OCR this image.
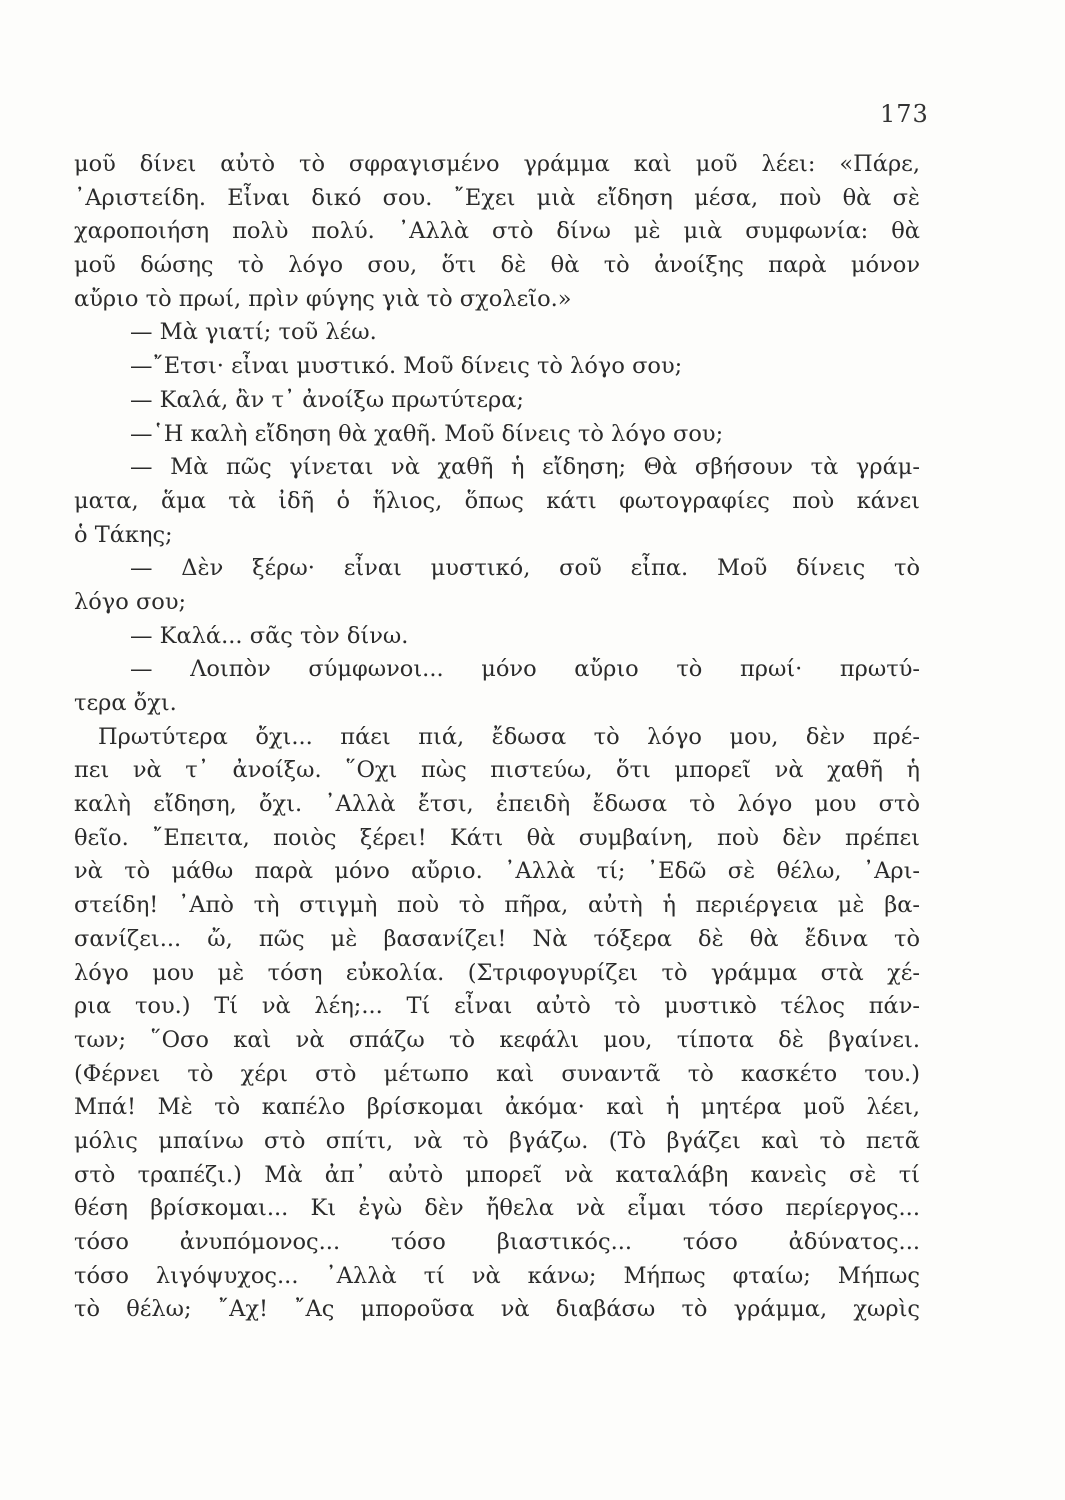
173
μοῦ δίνει αὐτὸ τὸ σφραγισμένο γράμμα καὶ μοῦ λέει: «Πάρε,
᾿Αριστείδη. Εἶναι δικό σου. ῎Εχει μιὰ εἴδηση μέσα, ποὺ θὰ σὲ
χαροποιήση πολὺ πολύ. ᾿Αλλὰ στὸ δίνω μὲ μιὰ συμφωνία: θὰ
μοῦ δώσης τὸ λόγο σου, ὅτι δὲ θὰ τὸ ἀνοίξης παρὰ μόνον
αὔριο τὸ πρωί, πρὶν φύγης γιὰ τὸ σχολεῖο.»
— Μὰ γιατί; τοῦ λέω.
—῎Ετσι· εἶναι μυστικό. Μοῦ δίνεις τὸ λόγο σου;
— Καλά, ἂν τ᾿ ἀνοίξω πρωτύτερα;
—῾Η καλὴ εἴδηση θὰ χαθῆ. Μοῦ δίνεις τὸ λόγο σου;
— Μὰ πῶς γίνεται νὰ χαθῆ ἡ εἴδηση; Θὰ σβήσουν τὰ γράμ-
ματα, ἅμα τὰ ἰδῆ ὁ ἥλιος, ὅπως κάτι φωτογραφίες ποὺ κάνει
ὁ Τάκης;
— Δὲν ξέρω· εἶναι μυστικό, σοῦ εἶπα. Μοῦ δίνεις τὸ
λόγο σου;
— Καλά... σᾶς τὸν δίνω.
— Λοιπὸν σύμφωνοι... μόνο αὔριο τὸ πρωί· πρωτύ-
τερα ὄχι.
Πρωτύτερα ὄχι... πάει πιά, ἔδωσα τὸ λόγο μου, δὲν πρέ-
πει νὰ τ᾿ ἀνοίξω. ῞Οχι πὼς πιστεύω, ὅτι μπορεῖ νὰ χαθῆ ἡ
καλὴ εἴδηση, ὄχι. ᾿Αλλὰ ἔτσι, ἐπειδὴ ἔδωσα τὸ λόγο μου στὸ
θεῖο. ῎Επειτα, ποιὸς ξέρει! Κάτι θὰ συμβαίνη, ποὺ δὲν πρέπει
νὰ τὸ μάθω παρὰ μόνο αὔριο. ᾿Αλλὰ τί; ᾿Εδῶ σὲ θέλω, ᾿Αρι-
στείδη! ᾿Απὸ τὴ στιγμὴ ποὺ τὸ πῆρα, αὐτὴ ἡ περιέργεια μὲ βα-
σανίζει... ὤ, πῶς μὲ βασανίζει! Νὰ τόξερα δὲ θὰ ἔδινα τὸ
λόγο μου μὲ τόση εὐκολία. (Στριφογυρίζει τὸ γράμμα στὰ χέ-
ρια του.) Τί νὰ λέη;... Τί εἶναι αὐτὸ τὸ μυστικὸ τέλος πάν-
των; ῞Οσο καὶ νὰ σπάζω τὸ κεφάλι μου, τίποτα δὲ βγαίνει.
(Φέρνει τὸ χέρι στὸ μέτωπο καὶ συναντᾶ τὸ κασκέτο του.)
Μπά! Μὲ τὸ καπέλο βρίσκομαι ἀκόμα· καὶ ἡ μητέρα μοῦ λέει,
μόλις μπαίνω στὸ σπίτι, νὰ τὸ βγάζω. (Τὸ βγάζει καὶ τὸ πετᾶ
στὸ τραπέζι.) Μὰ ἀπ᾿ αὐτὸ μπορεῖ νὰ καταλάβη κανεὶς σὲ τί
θέση βρίσκομαι... Κι ἐγὼ δὲν ἤθελα νὰ εἶμαι τόσο περίεργος...
τόσο ἀνυπόμονος... τόσο βιαστικός... τόσο ἀδύνατος...
τόσο λιγόψυχος... ᾿Αλλὰ τί νὰ κάνω; Μήπως φταίω; Μήπως
τὸ θέλω; ῎Αχ! ῎Ας μποροῦσα νὰ διαβάσω τὸ γράμμα, χωρὶς
